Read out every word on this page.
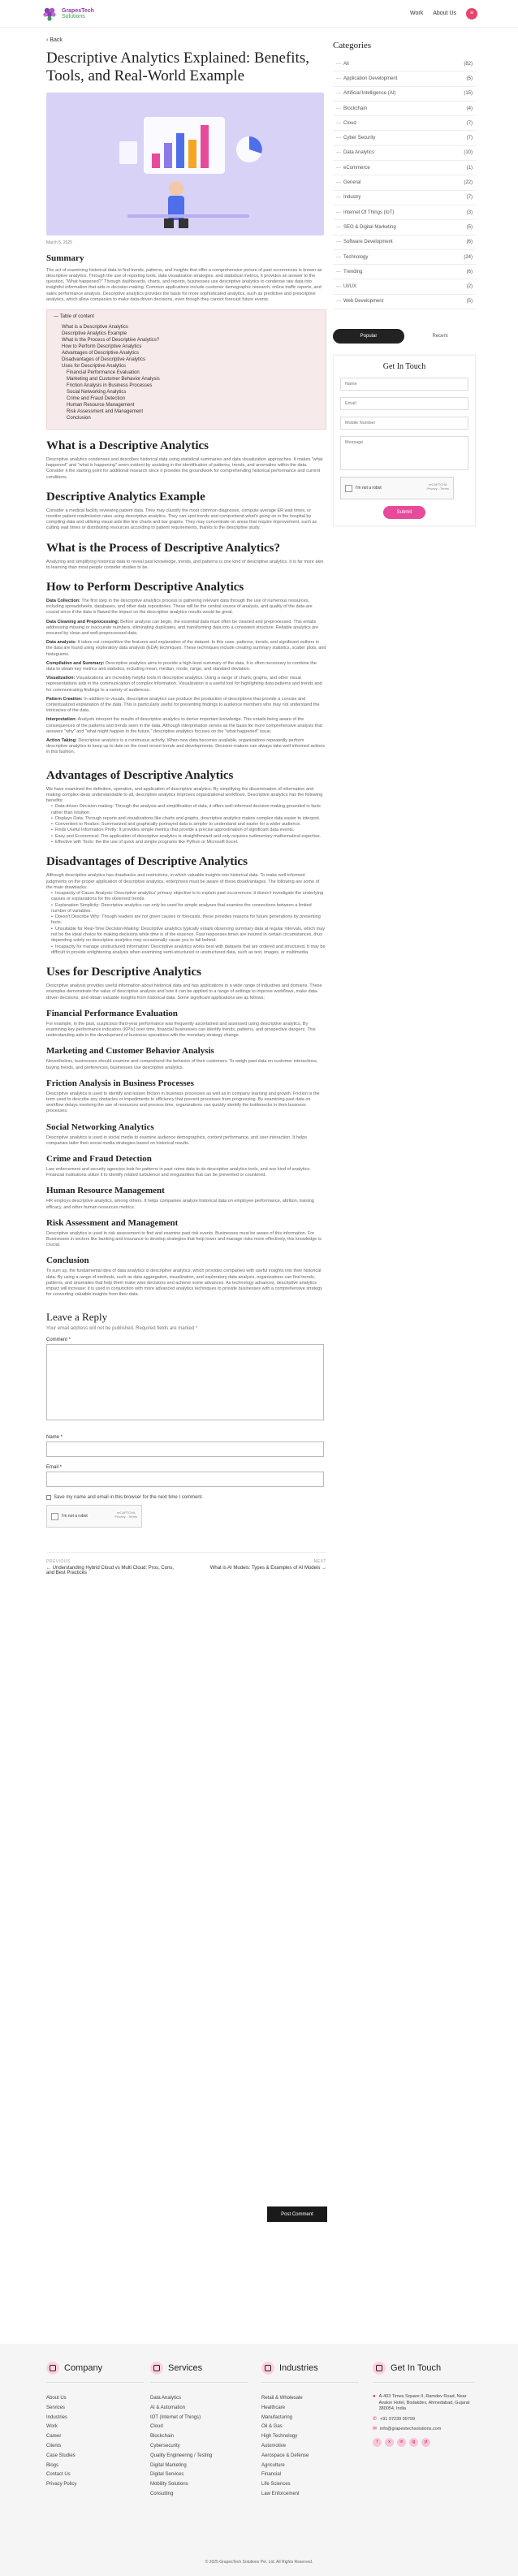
GrapesTech
Solutions	Work About Us	≡
‹ Back
Descriptive Analytics Explained: Benefits, Tools, and Real-World Example
March 5, 2025
Summary

The act of examining historical data to find trends, patterns, and insights that offer a comprehensive picture of past occurrences is known as descriptive analytics. Through the use of reporting tools, data visualization strategies, and statistical metrics, it provides an answer to the question, "What happened?" Through dashboards, charts, and reports, businesses use descriptive analytics to condense raw data into insightful information that aids in decision-making. Common applications include customer demographic research, online traffic reports, and sales performance analysis. Descriptive analytics provides the basis for more sophisticated analytics, such as predictive and prescriptive analytics, which allow companies to make data-driven decisions, even though they cannot forecast future events.

— Table of content
What is a Descriptive Analytics
Descriptive Analytics Example
What is the Process of Descriptive Analytics?
How to Perform Descriptive Analytics
Advantages of Descriptive Analytics
Disadvantages of Descriptive Analytics
Uses for Descriptive Analytics
Financial Performance Evaluation
Marketing and Customer Behavior Analysis
Friction Analysis in Business Processes
Social Networking Analytics
Crime and Fraud Detection
Human Resource Management
Risk Assessment and Management
Conclusion
What is a Descriptive Analytics

Descriptive analytics condenses and describes historical data using statistical summaries and data visualization approaches. It makes "what happened" and "what is happening" seem evident by assisting in the identification of patterns, trends, and anomalies within the data. Consider it the starting point for additional research since it provides the groundwork for comprehending historical performance and current conditions.

Descriptive Analytics Example

Consider a medical facility reviewing patient data. They may classify the most common diagnoses, compute average ER wait times, or monitor patient readmission rates using descriptive analytics. They can spot trends and comprehend what's going on in the hospital by compiling data and utilizing visual aids like line charts and bar graphs. They may concentrate on areas that require improvement, such as cutting wait times or distributing resources according to patient requirements, thanks to the descriptive study.

What is the Process of Descriptive Analytics?

Analyzing and simplifying historical data to reveal past knowledge, trends, and patterns is one kind of descriptive analytics. It is far more akin to learning than most people consider studies to be.

How to Perform Descriptive Analytics

Data Collection: The first step in the descriptive analytics process is gathering relevant data through the use of numerous resources, including spreadsheets, databases, and other data repositories. These will be the central source of analysis, and quality of the data are crucial since if the data is flawed the impact on the descriptive analytics results would be great.

Data Cleaning and Preprocessing: Before analysis can begin, the essential data must often be cleaned and preprocessed. This entails addressing missing or inaccurate numbers, eliminating duplicates, and transforming data into a consistent structure. Reliable analytics are ensured by clean and well-preprocessed data.

Data analysis: It takes out competitive the features and explanation of the dataset. In this case, patterns, trends, and significant outliers in the data are found using exploratory data analysis (EDA) techniques. These techniques include creating summary statistics, scatter plots, and histograms.

Compilation and Summary: Descriptive analytics aims to provide a high-level summary of the data. It is often necessary to combine the data to obtain key metrics and statistics, including mean, median, mode, range, and standard deviation.

Visualization: Visualizations are incredibly helpful tools in descriptive analytics. Using a range of charts, graphs, and other visual representations aids in the communication of complex information. Visualization is a useful tool for highlighting data patterns and trends and for communicating findings to a variety of audiences.

Pattern Creation: In addition to visuals, descriptive analytics can produce the production of descriptions that provide a concise and contextualized explanation of the data. This is particularly useful for presenting findings to audience members who may not understand the intricacies of the data.

Interpretation: Analysts interpret the results of descriptive analytics to derive important knowledge. This entails being aware of the consequences of the patterns and trends seen in the data. Although interpretation serves as the basis for more comprehensive analysis that answers "why" and "what might happen in the future," descriptive analytics focuses on the "what happened" issue.

Action Taking: Descriptive analytics is a continuous activity. When new data becomes available, organizations repeatedly perform descriptive analytics to keep up to date on the most recent trends and developments. Decision-makers can always take well-informed actions in this fashion.

Advantages of Descriptive Analytics

We have examined the definition, operation, and application of descriptive analytics. By simplifying the dissemination of information and making complex ideas understandable to all, descriptive analytics improves organizational workflows. Descriptive analytics has the following benefits:

• Data-driven Decision-making: Through the analysis and simplification of data, it offers well-informed decision-making grounded in facts rather than intuition.
• Displays Data: Through reports and visualizations like charts and graphs, descriptive analytics makes complex data easier to interpret.
• Convenient to Realize: Summarized and graphically portrayed data is simpler to understand and easier for a wider audience.
• Finds Useful Information Pretty: It provides simple metrics that provide a precise approximation of significant data events.
• Easy and Economical: The application of descriptive analytics is straightforward and only requires rudimentary mathematical expertise.
• Effective with Tools: the the use of quick and simple programs like Python or Microsoft Excel.
Disadvantages of Descriptive Analytics

Although descriptive analytics has drawbacks and restrictions, in which valuable insights into historical data. To make well-informed judgments on the proper application of descriptive analytics, enterprises must be aware of these disadvantages. The following are some of the main drawbacks:

• Incapacity of Cause Analysis: Descriptive analytics' primary objective is to explain past occurrences; it doesn't investigate the underlying causes or explanations for the observed trends.
• Explanation Simplicity: Descriptive analytics can only be used for simple analyses that examine the connections between a limited number of variables.
• Doesn't Describe Why: Though readers are not given causes or forecasts, these provides reasons for future generations by presenting facts.
• Unsuitable for Real-Time Decision-Making: Descriptive analytics typically entails observing summary data at regular intervals, which may not be the ideal choice for making decisions while time is of the essence. Fast responses times are insured in certain circumstances, thus depending solely on descriptive analytics may occasionally cause you to fall behind.
• Incapacity for manage unstructured information: Descriptive analytics works best with datasets that are ordered and structured. It may be difficult to provide enlightening analysis when examining semi-structured or unstructured data, such as text, images, or multimedia.
Uses for Descriptive Analytics

Descriptive analysis provides useful information about historical data and has applications in a wide range of industries and domains. These examples demonstrate the value of descriptive analysis and how it can be applied to a range of settings to improve workflows, make data-driven decisions, and obtain valuable insights from historical data. Some significant applications are as follows:

Financial Performance Evaluation

For example, in the past, suspicious third-year performance was frequently ascertained and assessed using descriptive analytics. By examining key performance indicators (KPIs) over time, financial businesses can identify trends, patterns, and prospective dangers. This understanding aids in the development of business operations with the monetary strategy change.

Marketing and Customer Behavior Analysis

Nevertheless, businesses should examine and comprehend the behavior of their customers. To weigh past data on customer interactions, buying trends, and preferences, businesses use descriptive analytics.

Friction Analysis in Business Processes

Descriptive analytics is used to identify and lessen friction in business processes as well as in company learning and growth. Friction is the term used to describe any obstacles or impediments to efficiency that prevent processes from progressing. By examining past data on workflow delays involving the use of resources and process time, organizations can quickly identify the bottlenecks in their business processes.

Social Networking Analytics

Descriptive analytics is used in social media to examine audience demographics, content performance, and user interaction. It helps companies tailor their social media strategies based on historical results.

Crime and Fraud Detection

Law enforcement and security agencies look for patterns in past crime data to do descriptive analytics tools, and one kind of analytics. Financial institutions utilize it to identify related turbulence and irregularities that can be prevented or countered.

Human Resource Management

HR employs descriptive analytics, among others. It helps companies analyze historical data on employee performance, attrition, training efficacy, and other human resources metrics.

Risk Assessment and Management

Descriptive analytics is used in risk assessment to find and examine past risk events. Businesses must be aware of this information. For Businesses in sectors like banking and insurance to develop strategies that help lower and manage risks more effectively, this knowledge is crucial.

Conclusion

To sum up, the fundamental idea of data analytics is descriptive analytics, which provides companies with useful insights into their historical data. By using a range of methods, such as data aggregation, visualization, and exploratory data analysis, organizations can find trends, patterns, and anomalies that help them make wise decisions and achieve some advances. As technology advances, descriptive analytics impact will increase; it is used in conjunction with more advanced analytics techniques to provide businesses with a comprehensive strategy for converting valuable insights from their data.

Leave a Reply
Your email address will not be published. Required fields are marked *
Comment *
Name *
Email *
Save my name and email in this browser for the next time I comment.
I'm not a robot
reCAPTCHA
Privacy - Terms
PREVIOUS
← Understanding Hybrid Cloud vs Multi Cloud: Pros, Cons, and Best Practices
NEXT
What is AI Models: Types & Examples of AI Models →
Post Comment
Categories
— All	(82)
— Application Development	(5)
— Artificial Intelligence (AI)	(15)
— Blockchain	(4)
— Cloud	(7)
— Cyber Security	(7)
— Data Analytics	(10)
— eCommerce	(1)
— General	(22)
— Industry	(7)
— Internet Of Things (IoT)	(3)
— SEO & Digital Marketing	(5)
— Software Development	(6)
— Technology	(24)
— Trending	(6)
— UI/UX	(2)
— Web Development	(5)
Popular	Recent
Get In Touch
Name
Email
Mobile Number
Message
I'm not a robot
reCAPTCHA
Privacy - Terms
Submit
Company
About Us
Services
Industries
Work
Career
Clients
Case Studies
Blogs
Contact Us
Privacy Policy
Services
Data Analytics
AI & Automation
IOT (Internet of Things)
Cloud
Blockchain
Cybersecurity
Quality Engineering / Testing
Digital Marketing
Digital Services
Mobility Solutions
Consulting
Industries
Retail & Wholesale
Healthcare
Manufacturing
Oil & Gas
High Technology
Automotive
Aerospace & Defense
Agriculture
Financial
Life Sciences
Law Enforcement
Get In Touch
● A-403 Times Square II, Ramdev Road, Near Avalon Hotel, Bodakdev, Ahmedabad, Gujarat 380054, India
✆ +91 97239 99799
✉ info@grapestechsolutions.com
f	x	in	ig	yt
© 2025 GrapesTech Solutions Pvt. Ltd. All Rights Reserved.
